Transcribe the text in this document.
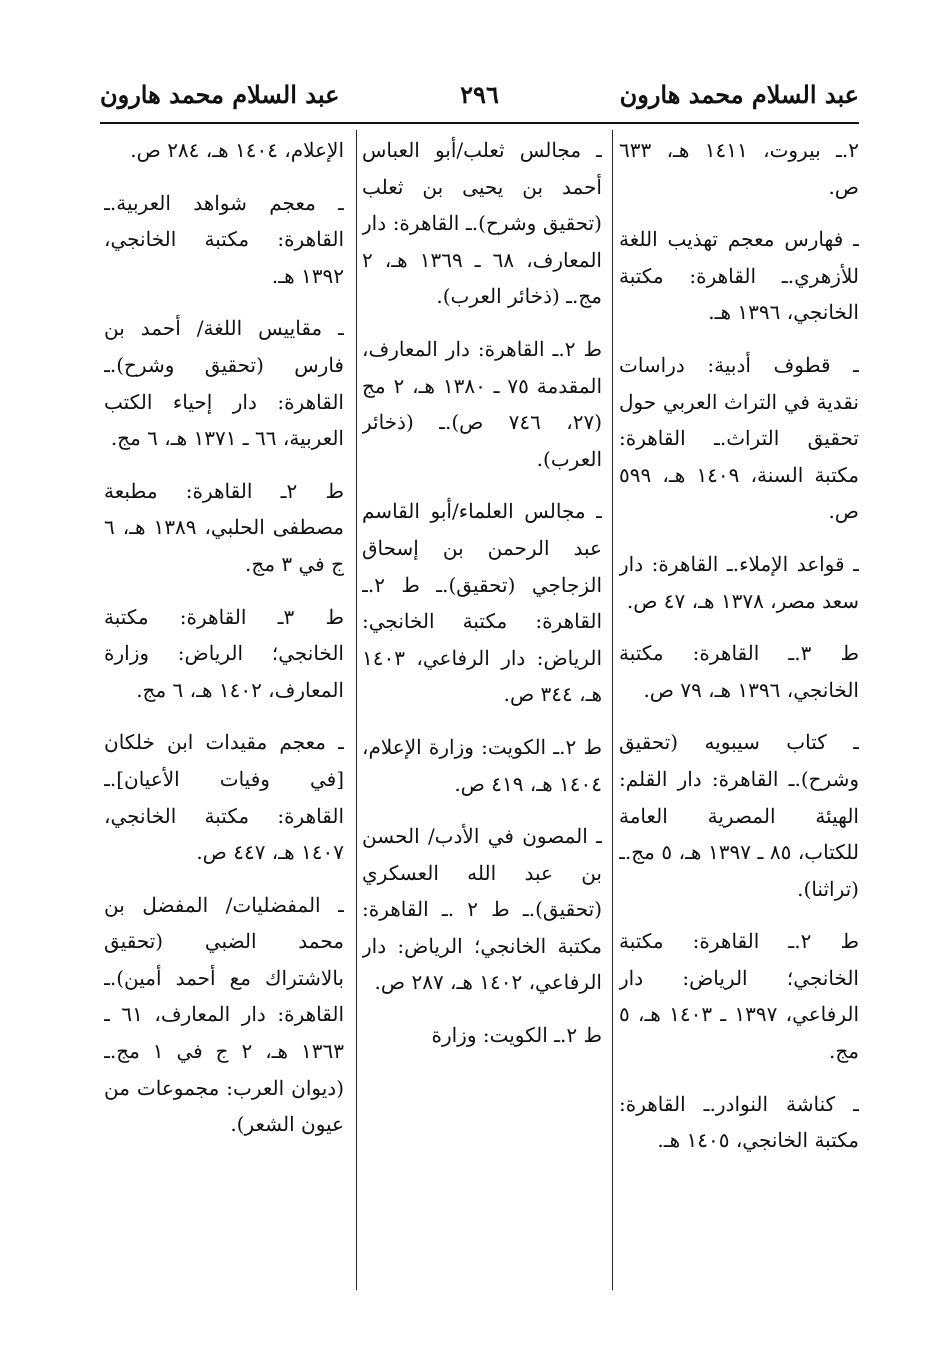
عبد السلام محمد هارون
٢٩٦
عبد السلام محمد هارون

٢.ـ بيروت، ١٤١١ هـ، ٦٣٣ ص.

ـ فهارس معجم تهذيب اللغة للأزهري.ـ القاهرة: مكتبة الخانجي، ١٣٩٦ هـ.

ـ قطوف أدبية: دراسات نقدية في التراث العربي حول تحقيق التراث.ـ القاهرة: مكتبة السنة، ١٤٠٩ هـ، ٥٩٩ ص.

ـ قواعد الإملاء.ـ القاهرة: دار سعد مصر، ١٣٧٨ هـ، ٤٧ ص.

ط ٣.ـ القاهرة: مكتبة الخانجي، ١٣٩٦ هـ، ٧٩ ص.

ـ كتاب سيبويه (تحقيق وشرح).ـ القاهرة: دار القلم: الهيئة المصرية العامة للكتاب، ٨٥ ـ ١٣٩٧ هـ، ٥ مج.ـ (تراثنا).

ط ٢.ـ القاهرة: مكتبة الخانجي؛ الرياض: دار الرفاعي، ١٣٩٧ ـ ١٤٠٣ هـ، ٥ مج.

ـ كناشة النوادر.ـ القاهرة: مكتبة الخانجي، ١٤٠٥ هـ.

ـ مجالس ثعلب/أبو العباس أحمد بن يحيى بن ثعلب (تحقيق وشرح).ـ القاهرة: دار المعارف، ٦٨ ـ ١٣٦٩ هـ، ٢ مج.ـ (ذخائر العرب).

ط ٢.ـ القاهرة: دار المعارف، المقدمة ٧٥ ـ ١٣٨٠ هـ، ٢ مج (٢٧، ٧٤٦ ص).ـ (ذخائر العرب).

ـ مجالس العلماء/أبو القاسم عبد الرحمن بن إسحاق الزجاجي (تحقيق).ـ ط ٢.ـ القاهرة: مكتبة الخانجي: الرياض: دار الرفاعي، ١٤٠٣ هـ، ٣٤٤ ص.

ط ٢.ـ الكويت: وزارة الإعلام، ١٤٠٤ هـ، ٤١٩ ص.

ـ المصون في الأدب/ الحسن بن عبد الله العسكري (تحقيق).ـ ط ٢ .ـ القاهرة: مكتبة الخانجي؛ الرياض: دار الرفاعي، ١٤٠٢ هـ، ٢٨٧ ص.

ط ٢.ـ الكويت: وزارة

الإعلام، ١٤٠٤ هـ، ٢٨٤ ص.

ـ معجم شواهد العربية.ـ القاهرة: مكتبة الخانجي، ١٣٩٢ هـ.

ـ مقاييس اللغة/ أحمد بن فارس (تحقيق وشرح).ـ القاهرة: دار إحياء الكتب العربية، ٦٦ ـ ١٣٧١ هـ، ٦ مج.

ط ٢ـ القاهرة: مطبعة مصطفى الحلبي، ١٣٨٩ هـ، ٦ ج في ٣ مج.

ط ٣ـ القاهرة: مكتبة الخانجي؛ الرياض: وزارة المعارف، ١٤٠٢ هـ، ٦ مج.

ـ معجم مقيدات ابن خلكان [في وفيات الأعيان].ـ القاهرة: مكتبة الخانجي، ١٤٠٧ هـ، ٤٤٧ ص.

ـ المفضليات/ المفضل بن محمد الضبي (تحقيق بالاشتراك مع أحمد أمين).ـ القاهرة: دار المعارف، ٦١ ـ ١٣٦٣ هـ، ٢ ج في ١ مج.ـ (ديوان العرب: مجموعات من عيون الشعر).
